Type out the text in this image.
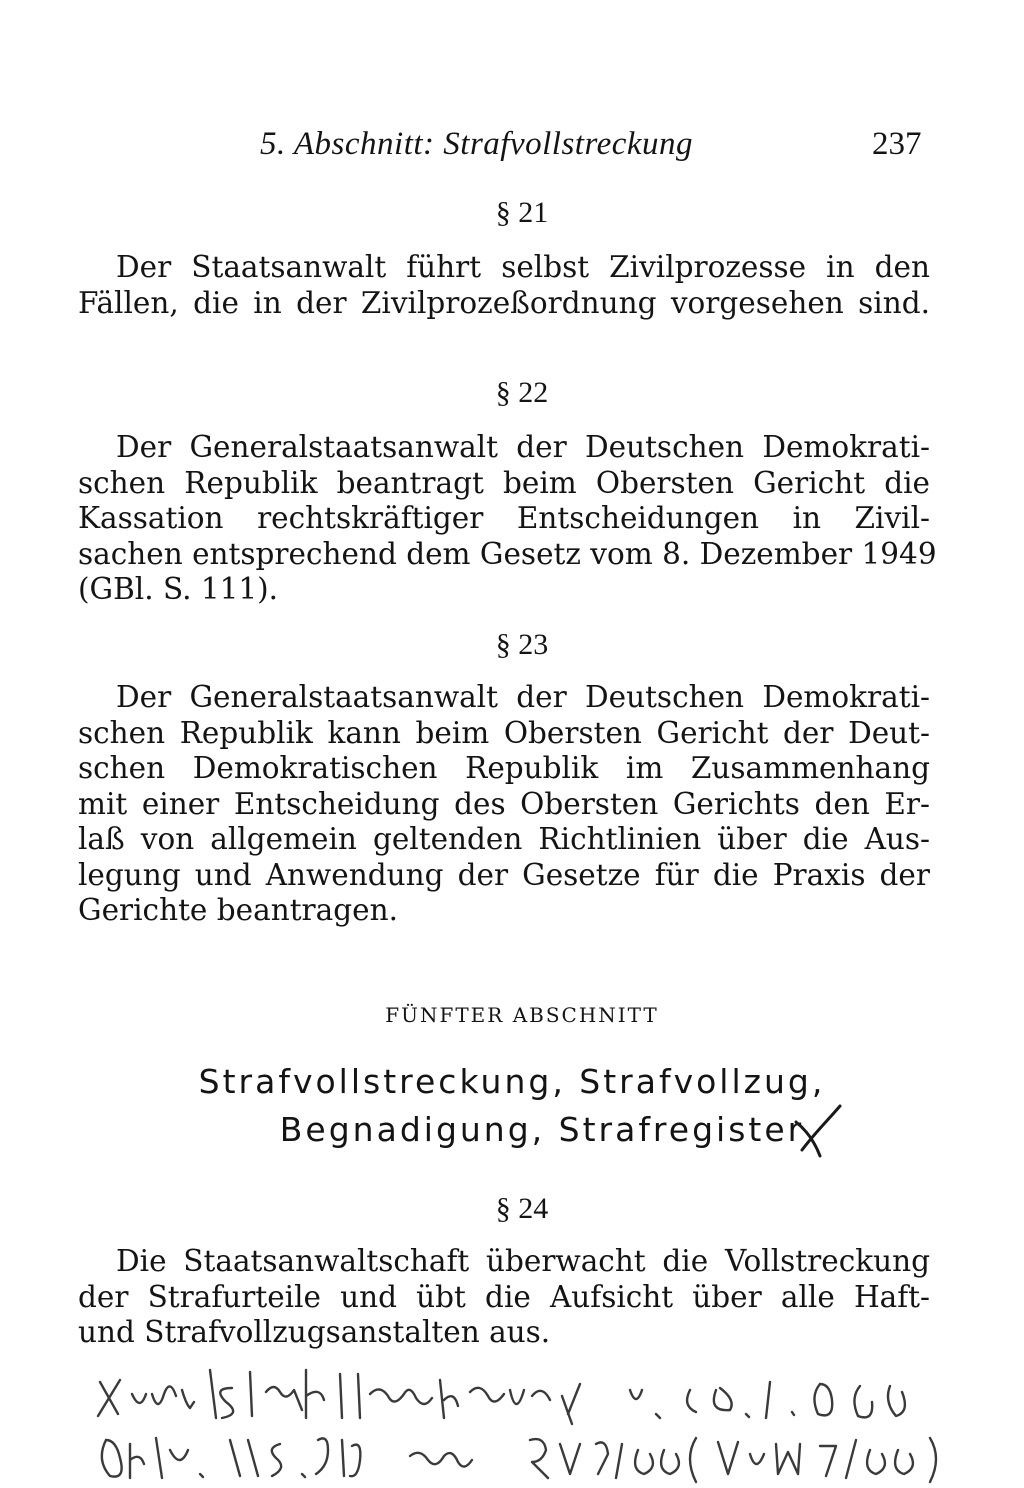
5. Abschnitt: Strafvollstreckung	237
§ 21
Der Staatsanwalt führt selbst Zivilprozesse in den
Fällen, die in der Zivilprozeßordnung vorgesehen sind.
§ 22
Der Generalstaatsanwalt der Deutschen Demokrati-
schen Republik beantragt beim Obersten Gericht die
Kassation rechtskräftiger Entscheidungen in Zivil-
sachen entsprechend dem Gesetz vom 8. Dezember 1949
(GBl. S. 111).
§ 23
Der Generalstaatsanwalt der Deutschen Demokrati-
schen Republik kann beim Obersten Gericht der Deut-
schen Demokratischen Republik im Zusammenhang
mit einer Entscheidung des Obersten Gerichts den Er-
laß von allgemein geltenden Richtlinien über die Aus-
legung und Anwendung der Gesetze für die Praxis der
Gerichte beantragen.
FÜNFTER ABSCHNITT
Strafvollstreckung, Strafvollzug,
Begnadigung, Strafregister
§ 24
Die Staatsanwaltschaft überwacht die Vollstreckung
der Strafurteile und übt die Aufsicht über alle Haft-
und Strafvollzugsanstalten aus.
